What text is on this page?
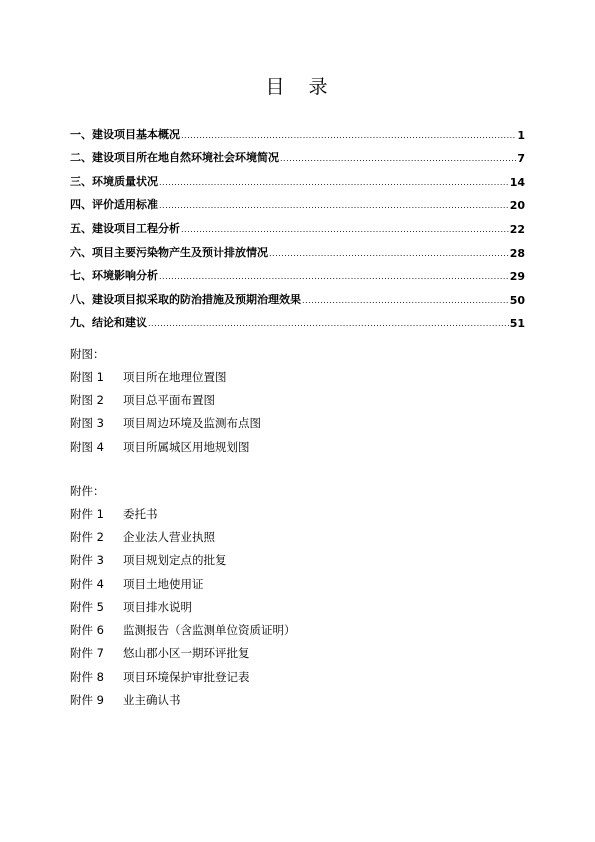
目 录
一、建设项目基本概况 .....	1
二、建设项目所在地自然环境社会环境简况 .....	7
三、环境质量状况 .....	14
四、评价适用标准 .....	20
五、建设项目工程分析 .....	22
六、项目主要污染物产生及预计排放情况 .....	28
七、环境影响分析 .....	29
八、建设项目拟采取的防治措施及预期治理效果 .....	50
九、结论和建议 .....	51
附图：
附图 1	项目所在地理位置图
附图 2	项目总平面布置图
附图 3	项目周边环境及监测布点图
附图 4	项目所属城区用地规划图
附件：
附件 1	委托书
附件 2	企业法人营业执照
附件 3	项目规划定点的批复
附件 4	项目土地使用证
附件 5	项目排水说明
附件 6	监测报告（含监测单位资质证明）
附件 7	悠山郡小区一期环评批复
附件 8	项目环境保护审批登记表
附件 9	业主确认书
